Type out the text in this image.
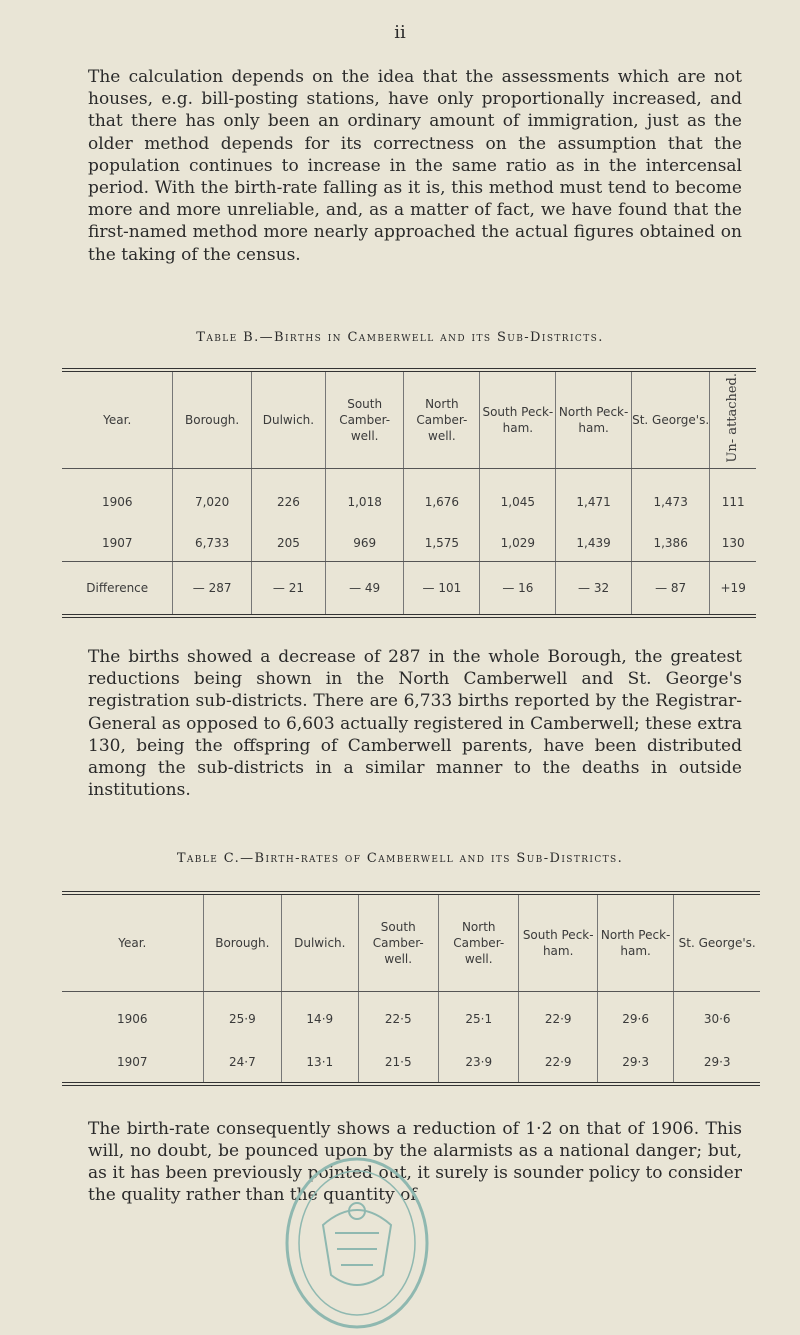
ii

The calculation depends on the idea that the assessments which are not houses, e.g. bill-posting stations, have only proportionally increased, and that there has only been an ordinary amount of immigration, just as the older method depends for its correctness on the assumption that the population continues to increase in the same ratio as in the intercensal period. With the birth-rate falling as it is, this method must tend to become more and more unreliable, and, as a matter of fact, we have found that the first-named method more nearly approached the actual figures obtained on the taking of the census.

Table B.—Births in Camberwell and its Sub-Districts.
Year.	Borough.	Dulwich.	South Camber- well.	North Camber- well.	South Peck- ham.	North Peck- ham.	St. George's.	Un- attached.
1906	7,020	226	1,018	1,676	1,045	1,471	1,473	111
1907	6,733	205	969	1,575	1,029	1,439	1,386	130
Difference	— 287	— 21	— 49	— 101	— 16	— 32	— 87	+19

The births showed a decrease of 287 in the whole Borough, the greatest reductions being shown in the North Camberwell and St. George's registration sub-districts. There are 6,733 births reported by the Registrar-General as opposed to 6,603 actually registered in Camberwell; these extra 130, being the offspring of Camberwell parents, have been distributed among the sub-districts in a similar manner to the deaths in outside institutions.

Table C.—Birth-rates of Camberwell and its Sub-Districts.
Year.	Borough.	Dulwich.	South Camber- well.	North Camber- well.	South Peck- ham.	North Peck- ham.	St. George's.
1906	25·9	14·9	22·5	25·1	22·9	29·6	30·6
1907	24·7	13·1	21·5	23·9	22·9	29·3	29·3

The birth-rate consequently shows a reduction of 1·2 on that of 1906. This will, no doubt, be pounced upon by the alarmists as a national danger; but, as it has been previously pointed out, it surely is sounder policy to consider the quality rather than the quantity of
